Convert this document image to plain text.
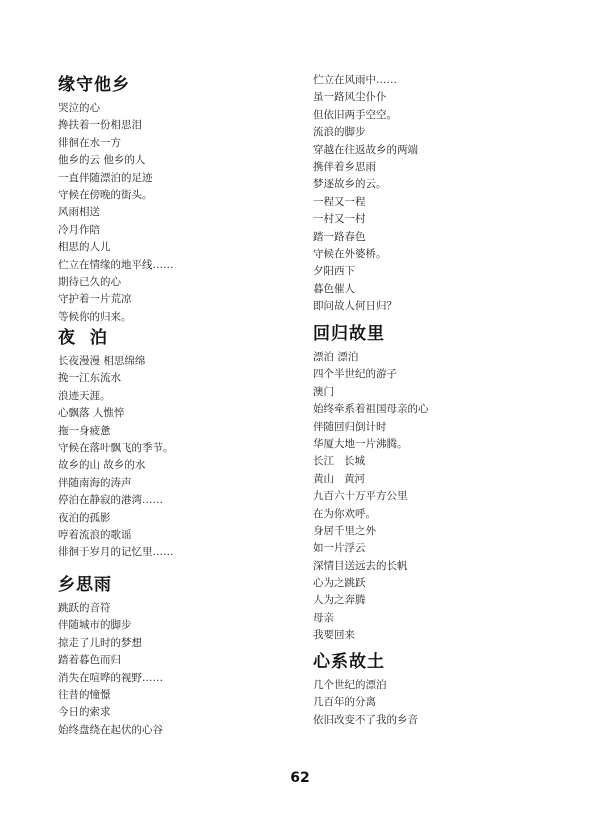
缘守他乡
哭泣的心
搀扶着一份相思泪
徘徊在水一方
他乡的云 他乡的人
一直伴随漂泊的足迹
守候在傍晚的街头。
风雨相送
冷月作陪
相思的人儿
伫立在情缘的地平线……
期待已久的心
守护着一片荒凉
等候你的归来。
夜  泊
长夜漫漫 相思绵绵
挽一江东流水
浪迹天涯。
心飘落 人憔悴
拖一身疲惫
守候在落叶飘飞的季节。
故乡的山 故乡的水
伴随南海的涛声
停泊在静寂的港湾……
夜泊的孤影
哼着流浪的歌谣
徘徊于岁月的记忆里……
乡思雨
跳跃的音符
伴随城市的脚步
掠走了儿时的梦想
踏着暮色而归
消失在喧哗的视野……
往昔的憧憬
今日的索求
始终盘绕在起伏的心谷
伫立在风雨中……
虽一路风尘仆仆
但依旧两手空空。
流浪的脚步
穿越在往返故乡的两端
携伴着乡思雨
梦逐故乡的云。
一程又一程
一村又一村
踏一路春色
守候在外婆桥。
夕阳西下
暮色催人
即问故人何日归？
回归故里
漂泊 漂泊
四个半世纪的游子
澳门
始终牵系着祖国母亲的心
伴随回归倒计时
华厦大地一片沸腾。
长江   长城
黄山   黄河
九百六十万平方公里
在为你欢呼。
身居千里之外
如一片浮云
深情目送远去的长帆
心为之跳跃
人为之奔腾
母亲
我要回来
心系故土
几个世纪的漂泊
几百年的分离
依旧改变不了我的乡音
62
